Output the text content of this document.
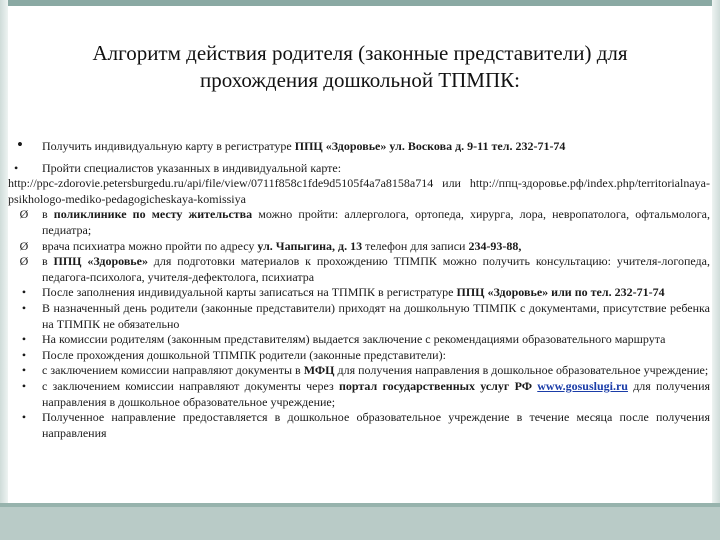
Алгоритм действия родителя (законные представители) для
прохождения дошкольной ТПМПК:
•	Получить индивидуальную карту в регистратуре ППЦ «Здоровье» ул. Воскова д. 9-11 тел. 232-71-74
• Пройти специалистов указанных в индивидуальной карте:
http://ppc-zdorovie.petersburgedu.ru/api/file/view/0711f858c1fde9d5105f4a7a8158a714 или http://ппц-здоровье.рф/index.php/territorialnaya-psikhologo-mediko-pedagogicheskaya-komissiya
Ø	в поликлинике по месту жительства можно пройти: аллерголога, ортопеда, хирурга, лора, невропатолога, офтальмолога, педиатра;
Ø	врача психиатра можно пройти по адресу ул. Чапыгина, д. 13 телефон для записи 234-93-88,
Ø	в ППЦ «Здоровье» для подготовки материалов к прохождению ТПМПК можно получить консультацию: учителя-логопеда, педагога-психолога, учителя-дефектолога, психиатра
•	После заполнения индивидуальной карты записаться на ТПМПК в регистратуре ППЦ «Здоровье» или по тел. 232-71-74
•	В назначенный день родители (законные представители) приходят на дошкольную ТПМПК с документами, присутствие ребенка на ТПМПК не обязательно
•	На комиссии родителям (законным представителям) выдается заключение с рекомендациями образовательного маршрута
•	После прохождения дошкольной ТПМПК родители (законные представители):
•	с заключением комиссии направляют документы в МФЦ для получения направления в дошкольное образовательное учреждение;
•	с заключением комиссии направляют документы через портал государственных услуг РФ www.gosuslugi.ru для получения направления в дошкольное образовательное учреждение;
•	Полученное направление предоставляется в дошкольное образовательное учреждение в течение месяца после получения направления
